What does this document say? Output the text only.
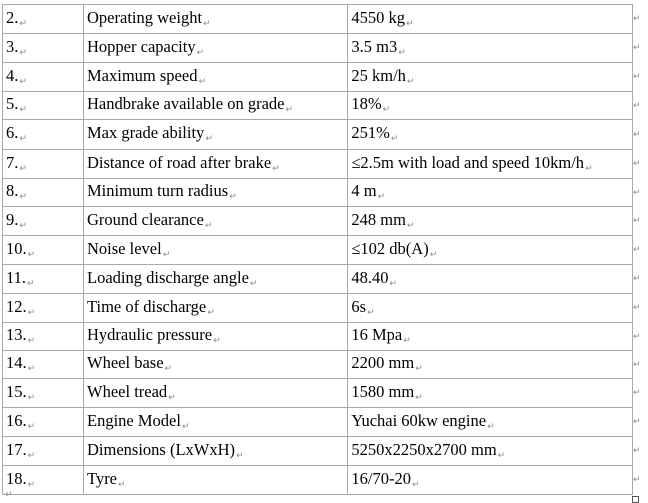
2.↵	Operating weight↵	4550 kg↵
3.↵	Hopper capacity↵	3.5 m3↵
4.↵	Maximum speed↵	25 km/h↵
5.↵	Handbrake available on grade↵	18%↵
6.↵	Max grade ability↵	251%↵
7.↵	Distance of road after brake↵	≤2.5m with load and speed 10km/h↵
8.↵	Minimum turn radius↵	4 m↵
9.↵	Ground clearance↵	248 mm↵
10.↵	Noise level↵	≤102 db(A)↵
11.↵	Loading discharge angle↵	48.40↵
12.↵	Time of discharge↵	6s↵
13.↵	Hydraulic pressure↵	16 Mpa↵
14.↵	Wheel base↵	2200 mm↵
15.↵	Wheel tread↵	1580 mm↵
16.↵	Engine Model↵	Yuchai 60kw engine↵
17.↵	Dimensions (LxWxH)↵	5250x2250x2700 mm↵
18.↵	Tyre↵	16/70-20↵
↵
↵
↵
↵
↵
↵
↵
↵
↵
↵
↵
↵
↵
↵
↵
↵
↵
↵
